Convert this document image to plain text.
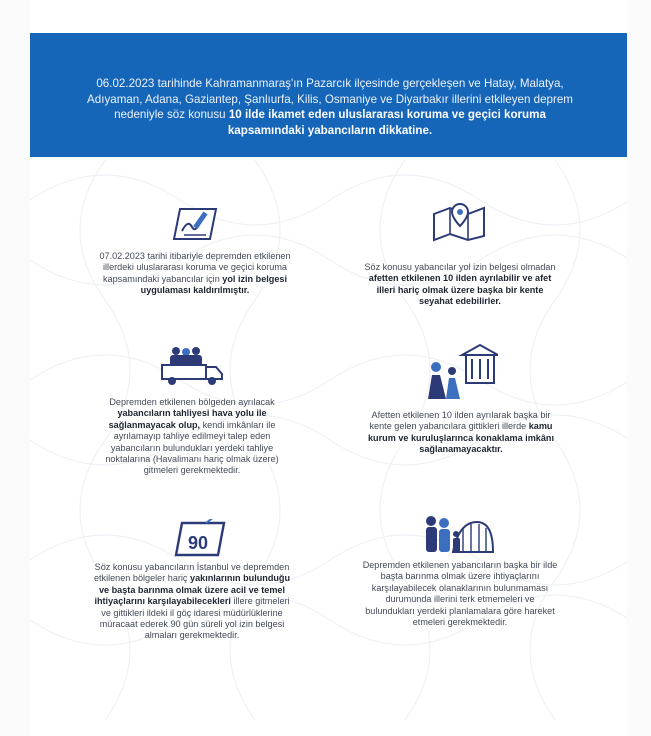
06.02.2023 tarihinde Kahramanmaraş'ın Pazarcık ilçesinde gerçekleşen ve Hatay, Malatya, Adıyaman, Adana, Gaziantep, Şanlıurfa, Kilis, Osmaniye ve Diyarbakır illerini etkileyen deprem nedeniyle söz konusu 10 ilde ikamet eden uluslararası koruma ve geçici koruma kapsamındaki yabancıların dikkatine.

07.02.2023 tarihi itibariyle depremden etkilenen illerdeki uluslararası koruma ve geçici koruma kapsamındaki yabancılar için yol izin belgesi uygulaması kaldırılmıştır.
Söz konusu yabancılar yol izin belgesi olmadan afetten etkilenen 10 ilden ayrılabilir ve afet illeri hariç olmak üzere başka bir kente seyahat edebilirler.
Depremden etkilenen bölgeden ayrılacak yabancıların tahliyesi hava yolu ile sağlanmayacak olup, kendi imkânları ile ayrılamayıp tahliye edilmeyi talep eden yabancıların bulundukları yerdeki tahliye noktalarına (Havalimanı hariç olmak üzere) gitmeleri gerekmektedir.
Afetten etkilenen 10 ilden ayrılarak başka bir kente gelen yabancılara gittikleri illerde kamu kurum ve kuruluşlarınca konaklama imkânı sağlanamayacaktır.
90
Söz konusu yabancıların İstanbul ve depremden etkilenen bölgeler hariç yakınlarının bulunduğu ve başta barınma olmak üzere acil ve temel ihtiyaçlarını karşılayabilecekleri illere gitmeleri ve gittikleri ildeki il göç idaresi müdürlüklerine müracaat ederek 90 gün süreli yol izin belgesi almaları gerekmektedir.
Depremden etkilenen yabancıların başka bir ilde başta barınma olmak üzere ihtiyaçlarını karşılayabilecek olanaklarının bulunmaması durumunda illerini terk etmemeleri ve bulundukları yerdeki planlamalara göre hareket etmeleri gerekmektedir.
